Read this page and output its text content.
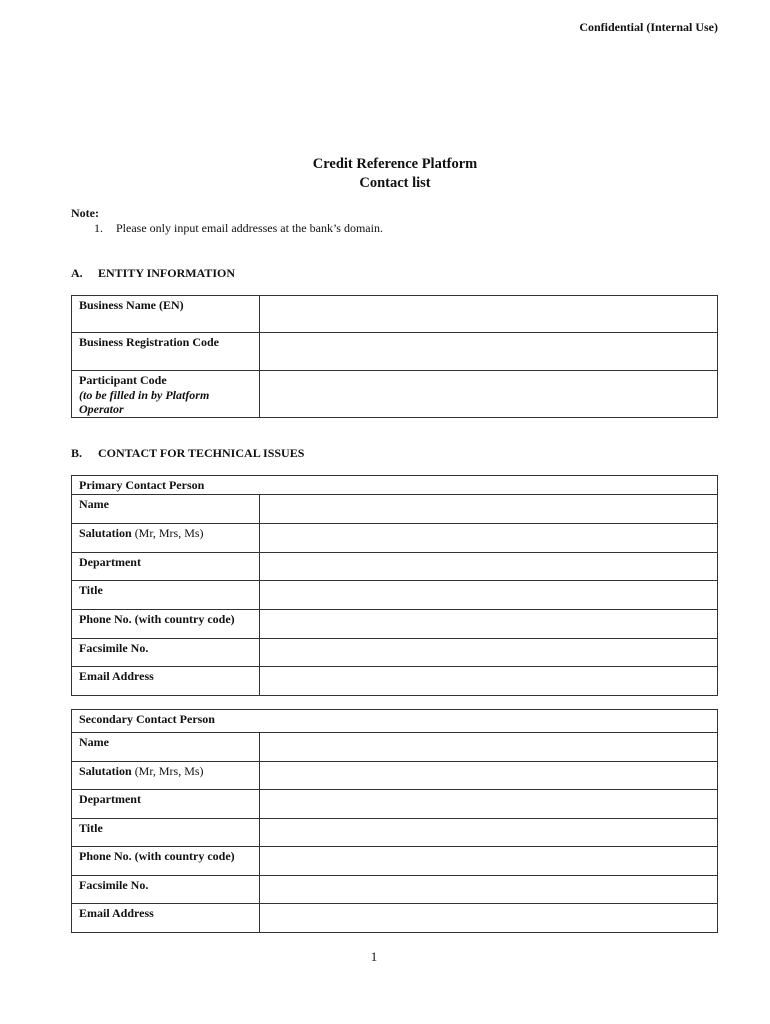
Confidential (Internal Use)
Credit Reference Platform
Contact list
Note:
1. Please only input email addresses at the bank’s domain.
A. ENTITY INFORMATION
Business Name (EN)	

Business Registration Code	

Participant Code
(to be filled in by Platform Operator	

B. CONTACT FOR TECHNICAL ISSUES
Primary Contact Person	

Name	

Salutation (Mr, Mrs, Ms)	

Department	

Title	

Phone No. (with country code)	

Facsimile No.	

Email Address	

Secondary Contact Person	

Name	

Salutation (Mr, Mrs, Ms)	

Department	

Title	

Phone No. (with country code)	

Facsimile No.	

Email Address	

1
